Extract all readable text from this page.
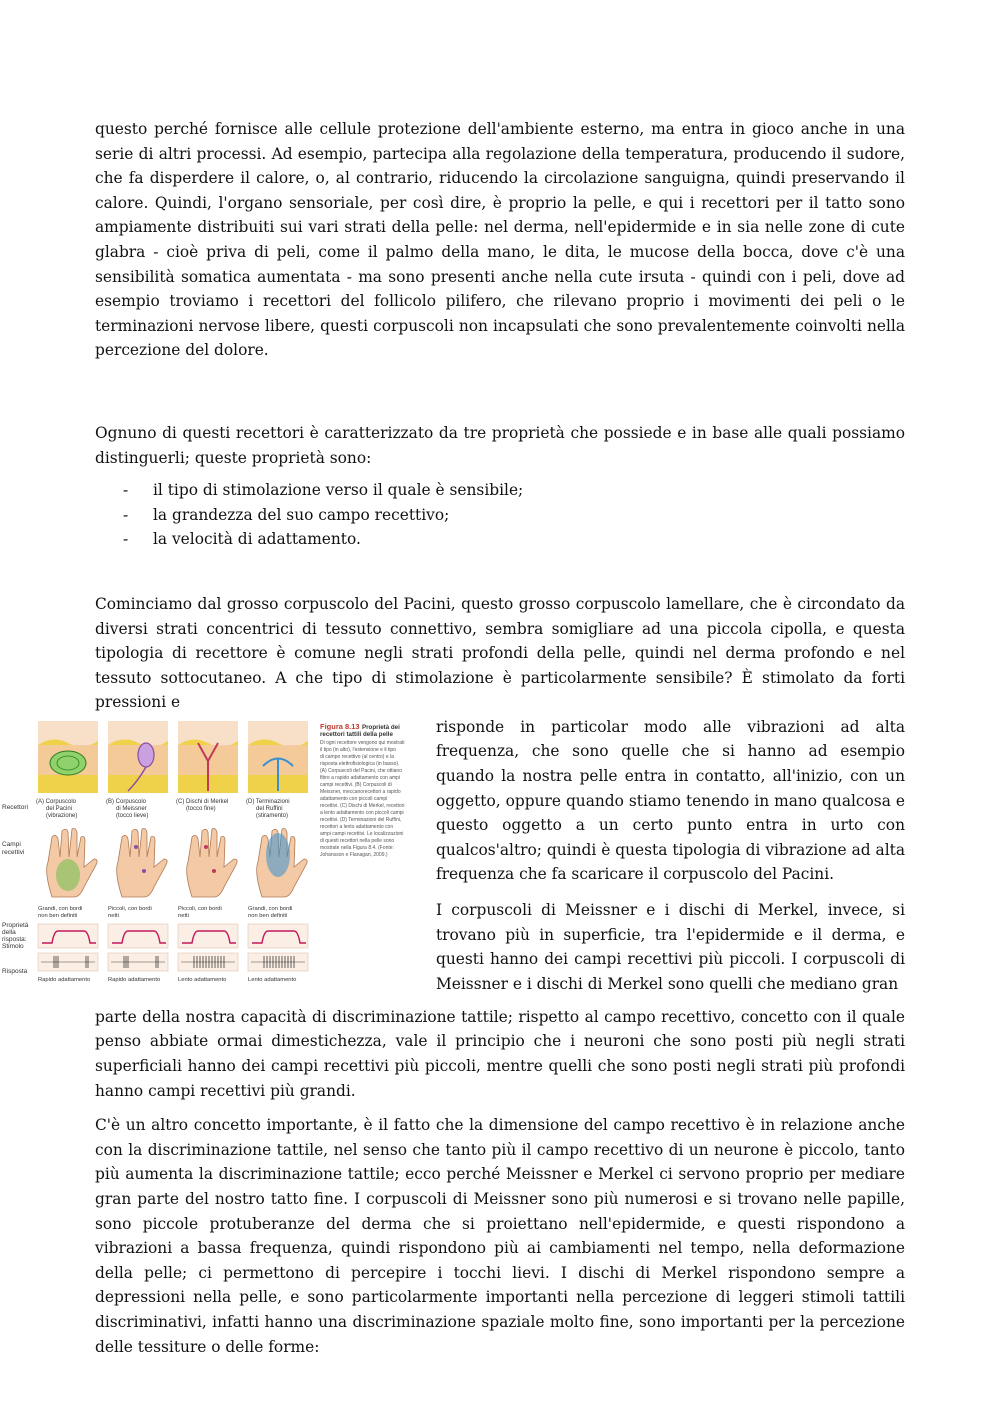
questo perché fornisce alle cellule protezione dell'ambiente esterno, ma entra in gioco anche in una serie di altri processi. Ad esempio, partecipa alla regolazione della temperatura, producendo il sudore, che fa disperdere il calore, o, al contrario, riducendo la circolazione sanguigna, quindi preservando il calore. Quindi, l'organo sensoriale, per così dire, è proprio la pelle, e qui i recettori per il tatto sono ampiamente distribuiti sui vari strati della pelle: nel derma, nell'epidermide e in sia nelle zone di cute glabra - cioè priva di peli, come il palmo della mano, le dita, le mucose della bocca, dove c'è una sensibilità somatica aumentata - ma sono presenti anche nella cute irsuta - quindi con i peli, dove ad esempio troviamo i recettori del follicolo pilifero, che rilevano proprio i movimenti dei peli o le terminazioni nervose libere, questi corpuscoli non incapsulati che sono prevalentemente coinvolti nella percezione del dolore.

Ognuno di questi recettori è caratterizzato da tre proprietà che possiede e in base alle quali possiamo distinguerli; queste proprietà sono:

-	il tipo di stimolazione verso il quale è sensibile;
-	la grandezza del suo campo recettivo;
-	la velocità di adattamento.

Cominciamo dal grosso corpuscolo del Pacini, questo grosso corpuscolo lamellare, che è circondato da diversi strati concentrici di tessuto connettivo, sembra somigliare ad una piccola cipolla, e questa tipologia di recettore è comune negli strati profondi della pelle, quindi nel derma profondo e nel tessuto sottocutaneo. A che tipo di stimolazione è particolarmente sensibile? È stimolato da forti pressioni e

Recettori
Campi
recettivi
Proprietà
della
risposta:
Stimolo
Risposta
(A) Corpuscolo
del Pacini
(vibrazione)
Grandi, con bordi
non ben definiti
Rapido adattamento
(B) Corpuscolo
di Meissner
(tocco lieve)
Piccoli, con bordi
netti
Rapido adattamento
(C) Dischi di Merkel
(tocco fine)
Piccoli, con bordi
netti
Lento adattamento
(D) Terminazioni
del Ruffini
(stiramento)
Grandi, con bordi
non ben definiti
Lento adattamento
Figura 8.13 Proprietà dei
recettori tattili della pelle
Di ogni recettore vengono qui mostrati
il tipo (in alto), l'estensione e il tipo
di campo recettivo (al centro) e la
risposta elettrofisiologica (in basso).
(A) Corpuscoli del Pacini, che ottiano
fibre a rapido adattamento con ampi
campi recettivi. (B) Corpuscoli di
Meissner, meccanorecettori a rapido
adattamento con piccoli campi
recettivi. (C) Dischi di Merkel, recettori
a lento adattamento con piccoli campi
recettivi. (D) Terminazioni del Ruffini,
recettori a lento adattamento con
ampi campi recettivi. Le localizzazioni
di questi recettori nella pelle sono
mostrate nella Figura 8.4. (Fonte:
Johansson e Flanagan, 2009.)

risponde in particolar modo alle vibrazioni ad alta frequenza, che sono quelle che si hanno ad esempio quando la nostra pelle entra in contatto, all'inizio, con un oggetto, oppure quando stiamo tenendo in mano qualcosa e questo oggetto a un certo punto entra in urto con qualcos'altro; quindi è questa tipologia di vibrazione ad alta frequenza che fa scaricare il corpuscolo del Pacini.

I corpuscoli di Meissner e i dischi di Merkel, invece, si trovano più in superficie, tra l'epidermide e il derma, e questi hanno dei campi recettivi più piccoli. I corpuscoli di Meissner e i dischi di Merkel sono quelli che mediano gran

parte della nostra capacità di discriminazione tattile; rispetto al campo recettivo, concetto con il quale penso abbiate ormai dimestichezza, vale il principio che i neuroni che sono posti più negli strati superficiali hanno dei campi recettivi più piccoli, mentre quelli che sono posti negli strati più profondi hanno campi recettivi più grandi.

C'è un altro concetto importante, è il fatto che la dimensione del campo recettivo è in relazione anche con la discriminazione tattile, nel senso che tanto più il campo recettivo di un neurone è piccolo, tanto più aumenta la discriminazione tattile; ecco perché Meissner e Merkel ci servono proprio per mediare gran parte del nostro tatto fine. I corpuscoli di Meissner sono più numerosi e si trovano nelle papille, sono piccole protuberanze del derma che si proiettano nell'epidermide, e questi rispondono a vibrazioni a bassa frequenza, quindi rispondono più ai cambiamenti nel tempo, nella deformazione della pelle; ci permettono di percepire i tocchi lievi. I dischi di Merkel rispondono sempre a depressioni nella pelle, e sono particolarmente importanti nella percezione di leggeri stimoli tattili discriminativi, infatti hanno una discriminazione spaziale molto fine, sono importanti per la percezione delle tessiture o delle forme:
